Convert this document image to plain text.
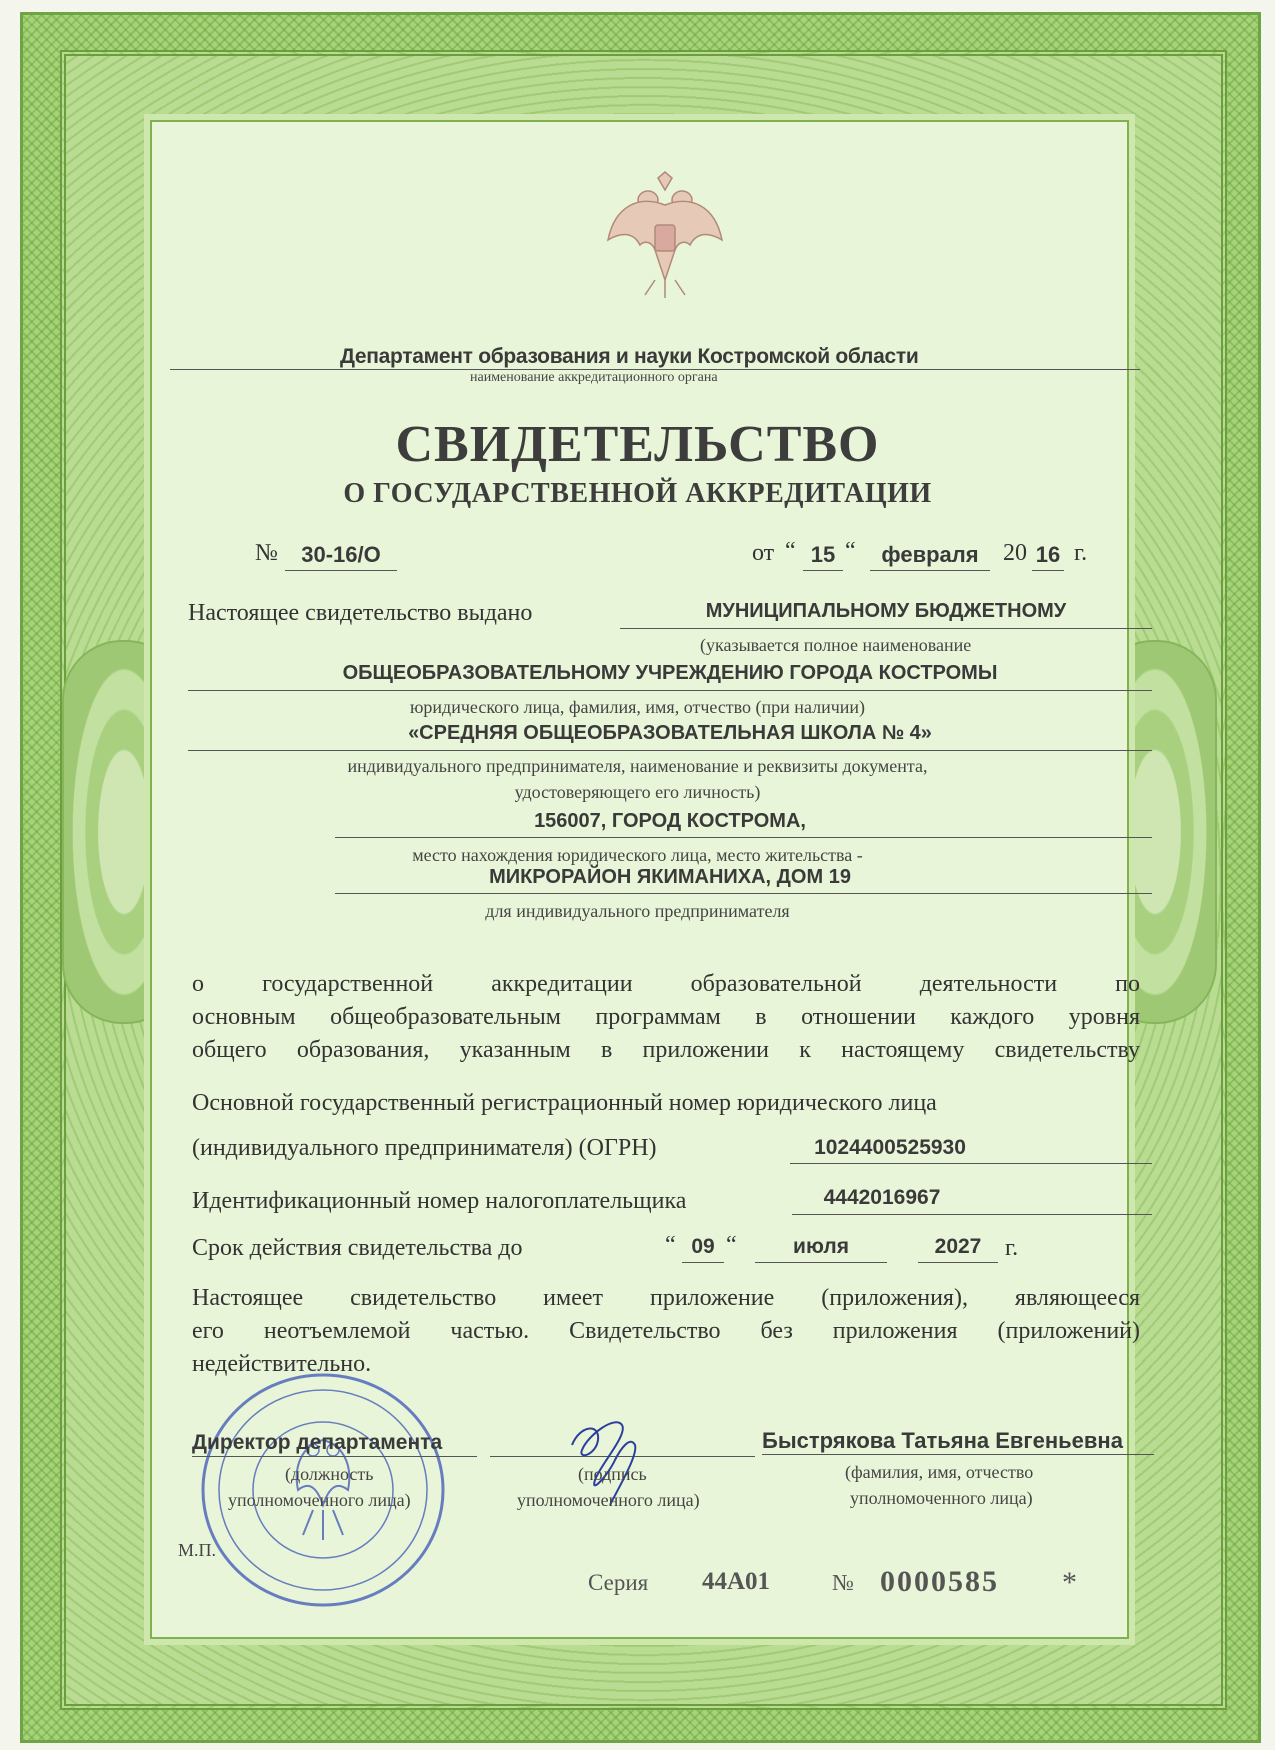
Департамент образования и науки Костромской области
наименование аккредитационного органа
СВИДЕТЕЛЬСТВО
О ГОСУДАРСТВЕННОЙ АККРЕДИТАЦИИ
№	30-16/О	от “ 15 “	февраля	20 16 г.
Настоящее свидетельство выдано	МУНИЦИПАЛЬНОМУ БЮДЖЕТНОМУ
(указывается полное наименование
ОБЩЕОБРАЗОВАТЕЛЬНОМУ УЧРЕЖДЕНИЮ ГОРОДА КОСТРОМЫ
юридического лица, фамилия, имя, отчество (при наличии)
«СРЕДНЯЯ ОБЩЕОБРАЗОВАТЕЛЬНАЯ ШКОЛА № 4»
индивидуального предпринимателя, наименование и реквизиты документа,
удостоверяющего его личность)
156007, ГОРОД КОСТРОМА,
место нахождения юридического лица, место жительства -
МИКРОРАЙОН ЯКИМАНИХА, ДОМ 19
для индивидуального предпринимателя
о государственной аккредитации образовательной деятельности по
основным общеобразовательным программам в отношении каждого уровня
общего образования, указанным в приложении к настоящему свидетельству
Основной государственный регистрационный номер юридического лица
(индивидуального предпринимателя) (ОГРН)	1024400525930
Идентификационный номер налогоплательщика	4442016967
Срок действия свидетельства до	“ 09 “	июля	2027 г.
Настоящее свидетельство имеет приложение (приложения), являющееся
его неотъемлемой частью. Свидетельство без приложения (приложений)
недействительно.
Директор департамента
(должность
уполномоченного лица)
(подпись
уполномоченного лица)
Быстрякова Татьяна Евгеньевна
(фамилия, имя, отчество
уполномоченного лица)
М.П.
Серия 44А01	№ 0000585 *
